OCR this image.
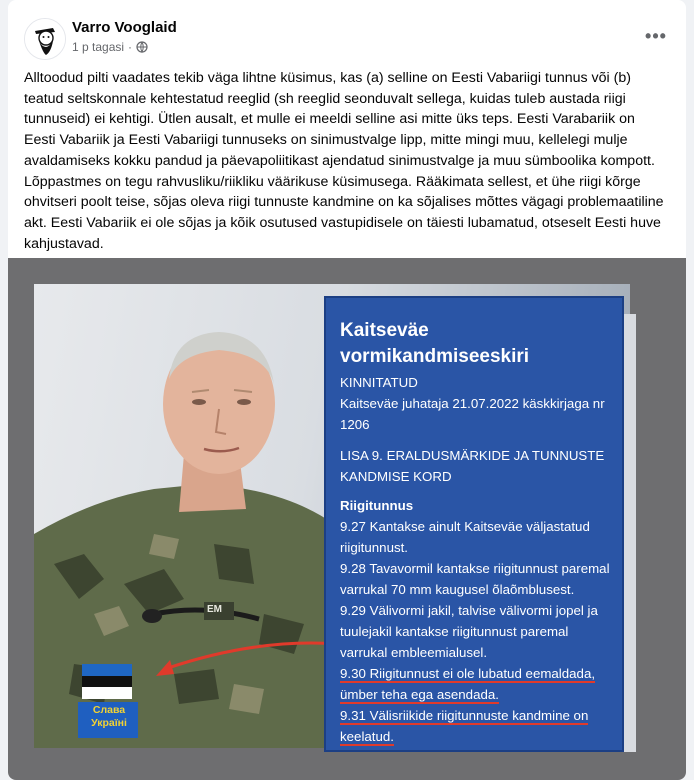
Varro Vooglaid
1 p tagasi ·
•••
Alltoodud pilti vaadates tekib väga lihtne küsimus, kas (a) selline on Eesti Vabariigi tunnus või (b) teatud seltskonnale kehtestatud reeglid (sh reeglid seonduvalt sellega, kuidas tuleb austada riigi tunnuseid) ei kehtigi. Ütlen ausalt, et mulle ei meeldi selline asi mitte üks teps. Eesti Varabariik on Eesti Vabariik ja Eesti Vabariigi tunnuseks on sinimustvalge lipp, mitte mingi muu, kellelegi mulje avaldamiseks kokku pandud ja päevapoliitikast ajendatud sinimustvalge ja muu sümboolika kompott. Lõppastmes on tegu rahvusliku/riikliku väärikuse küsimusega. Rääkimata sellest, et ühe riigi kõrge ohvitseri poolt teise, sõjas oleva riigi tunnuste kandmine on ka sõjalises mõttes vägagi problemaatiline akt. Eesti Vabariik ei ole sõjas ja kõik osutused vastupidisele on täiesti lubamatud, otseselt Eesti huve kahjustavad.
EM
Слава
Україні
Kaitseväe vormikandmiseeskiri
KINNITATUD
Kaitseväe juhataja 21.07.2022 käskkirjaga nr
1206
LISA 9. ERALDUSMÄRKIDE JA TUNNUSTE
KANDMISE KORD
Riigitunnus
9.27 Kantakse ainult Kaitseväe väljastatud
riigitunnust.
9.28 Tavavormil kantakse riigitunnust paremal
varrukal 70 mm kaugusel õlaõmblusest.
9.29 Välivormi jakil, talvise välivormi jopel ja
tuulejakil kantakse riigitunnust paremal
varrukal embleemialusel.
9.30 Riigitunnust ei ole lubatud eemaldada,
ümber teha ega asendada.
9.31 Välisriikide riigitunnuste kandmine on
keelatud.
